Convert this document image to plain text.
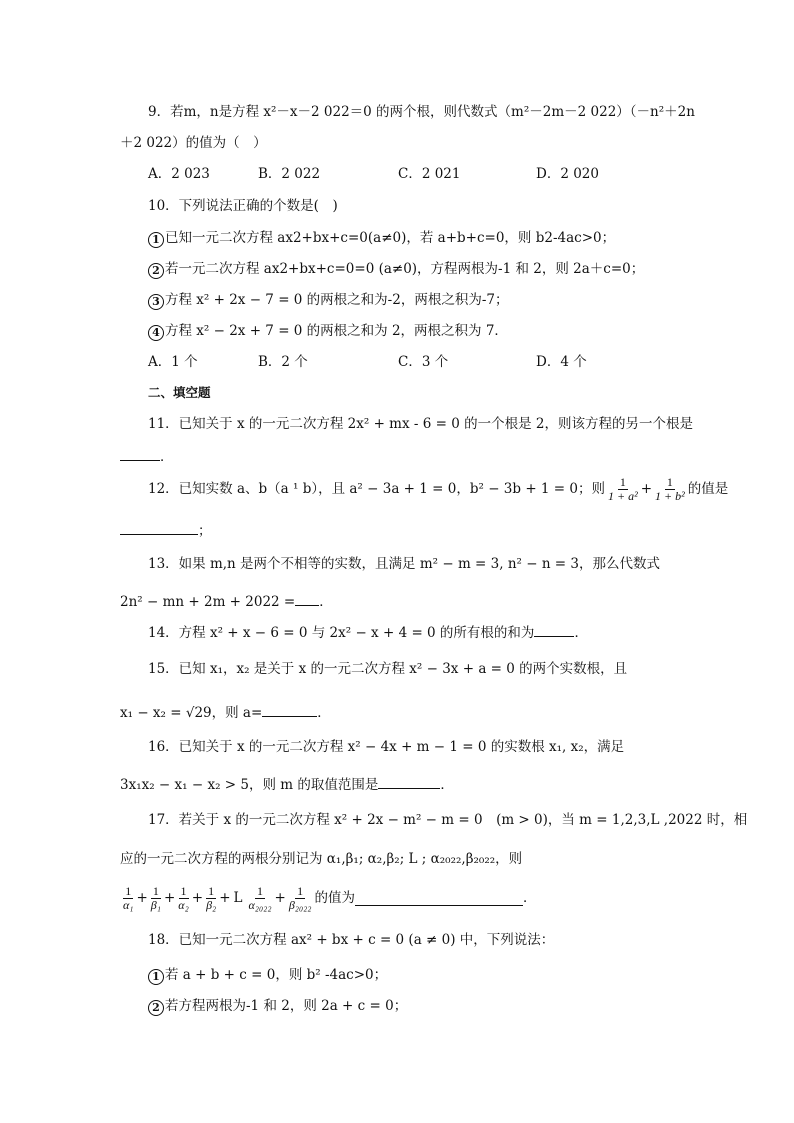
9．若m，n是方程 x²－x－2 022＝0 的两个根，则代数式（m²－2m－2 022）（－n²＋2n
＋2 022）的值为（　）
A．2 023	B．2 022	C．2 021	D．2 020
10．下列说法正确的个数是(　)
1 已知一元二次方程 ax2+bx+c=0(a≠0)，若 a+b+c=0，则 b2-4ac>0；
2 若一元二次方程 ax2+bx+c=0=0 (a≠0)，方程两根为-1 和 2，则 2a＋c=0；
3 方程 x² + 2x − 7 = 0 的两根之和为-2，两根之积为-7；
4 方程 x² − 2x + 7 = 0 的两根之和为 2，两根之积为 7．
A．1 个	B．2 个	C．3 个	D．4 个
二、填空题
11．已知关于 x 的一元二次方程 2x² + mx - 6 = 0 的一个根是 2，则该方程的另一个根是
．
12．已知实数 a、b（a ¹ b），且 a² − 3a + 1 = 0，b² − 3b + 1 = 0；则 $\frac{1}{\text{1 + a²}} + \frac{1}{\text{1 + b²}}$ 的值是
；
13．如果 m,n 是两个不相等的实数，且满足 m² − m = 3, n² − n = 3，那么代数式
2n² − mn + 2m + 2022 = ．
14．方程 x² + x − 6 = 0 与 2x² − x + 4 = 0 的所有根的和为	．
15．已知 x₁，x₂ 是关于 x 的一元二次方程 x² − 3x + a = 0 的两个实数根，且
x₁ − x₂ = √29，则 a=	．
16．已知关于 x 的一元二次方程 x² − 4x + m − 1 = 0 的实数根 x₁, x₂，满足
3x₁x₂ − x₁ − x₂ > 5，则 m 的取值范围是	．
17．若关于 x 的一元二次方程 x² + 2x − m² − m = 0　(m > 0)，当 m = 1,2,3,L ,2022 时，相
应的一元二次方程的两根分别记为 α₁,β₁; α₂,β₂; L ; α₂₀₂₂,β₂₀₂₂，则
$\frac{1}{\text{α₁}} + \frac{1}{\text{β₁}} + \frac{1}{\text{α₂}} + \frac{1}{\text{β₂}} + L \frac{1}{\text{α₂₀₂₂}} + \frac{1}{\text{β₂₀₂₂}}$ 的值为	．
18．已知一元二次方程 ax² + bx + c = 0 (a ≠ 0) 中，下列说法：
1 若 a + b + c = 0，则 b² -4ac>0；
2 若方程两根为-1 和 2，则 2a + c = 0；
